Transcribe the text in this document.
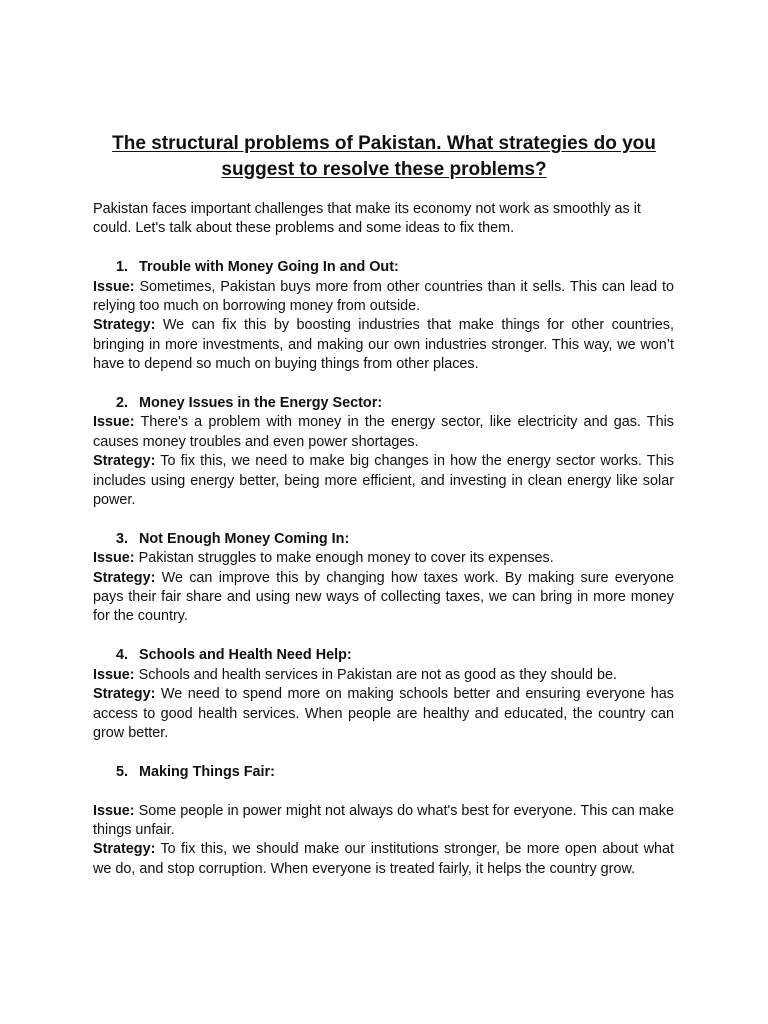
The structural problems of Pakistan. What strategies do you suggest to resolve these problems?

Pakistan faces important challenges that make its economy not work as smoothly as it could. Let's talk about these problems and some ideas to fix them.

1. Trouble with Money Going In and Out:

Issue: Sometimes, Pakistan buys more from other countries than it sells. This can lead to relying too much on borrowing money from outside.

Strategy: We can fix this by boosting industries that make things for other countries, bringing in more investments, and making our own industries stronger. This way, we won’t have to depend so much on buying things from other places.

2. Money Issues in the Energy Sector:

Issue: There's a problem with money in the energy sector, like electricity and gas. This causes money troubles and even power shortages.

Strategy: To fix this, we need to make big changes in how the energy sector works. This includes using energy better, being more efficient, and investing in clean energy like solar power.

3. Not Enough Money Coming In:

Issue: Pakistan struggles to make enough money to cover its expenses.

Strategy: We can improve this by changing how taxes work. By making sure everyone pays their fair share and using new ways of collecting taxes, we can bring in more money for the country.

4. Schools and Health Need Help:

Issue: Schools and health services in Pakistan are not as good as they should be.

Strategy: We need to spend more on making schools better and ensuring everyone has access to good health services. When people are healthy and educated, the country can grow better.

5. Making Things Fair:

Issue: Some people in power might not always do what's best for everyone. This can make things unfair.

Strategy: To fix this, we should make our institutions stronger, be more open about what we do, and stop corruption. When everyone is treated fairly, it helps the country grow.
